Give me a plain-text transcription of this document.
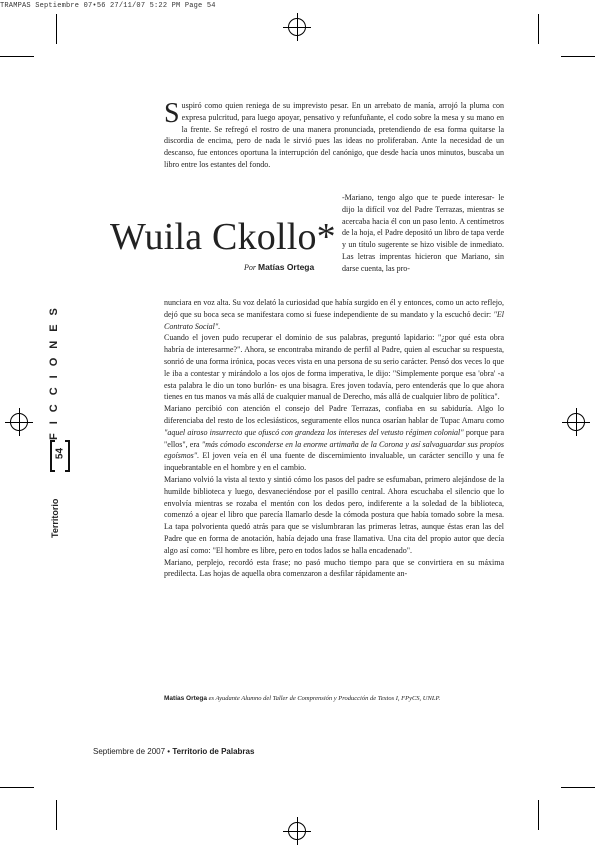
TRAMPAS Septiembre 07•56 27/11/07 5:22 PM Page 54
FICCIONES
54
Territorio
Suspiró como quien reniega de su imprevisto pesar. En un arrebato de manía, arrojó la pluma con expresa pulcritud, para luego apoyar, pensativo y refunfuñante, el codo sobre la mesa y su mano en la frente. Se refregó el rostro de una manera pronunciada, pretendiendo de esa forma quitarse la discordia de encima, pero de nada le sirvió pues las ideas no proliferaban. Ante la necesidad de un descanso, fue entonces oportuna la interrupción del canónigo, que desde hacía unos minutos, buscaba un libro entre los estantes del fondo.
Wuila Ckollo*
Por Matías Ortega

-Mariano, tengo algo que te puede interesar- le dijo la difícil voz del Padre Terrazas, mientras se acercaba hacia él con un paso lento. A centímetros de la hoja, el Padre depositó un libro de tapa verde y un título sugerente se hizo visible de inmediato. Las letras imprentas hicieron que Mariano, sin darse cuenta, las pro-

nunciara en voz alta. Su voz delató la curiosidad que había surgido en él y entonces, como un acto reflejo, dejó que su boca seca se manifestara como si fuese independiente de su mandato y la escuchó decir: "El Contrato Social".

Cuando el joven pudo recuperar el dominio de sus palabras, preguntó lapidario: "¿por qué esta obra habría de interesarme?". Ahora, se encontraba mirando de perfil al Padre, quien al escuchar su respuesta, sonrió de una forma irónica, pocas veces vista en una persona de su serio carácter. Pensó dos veces lo que le iba a contestar y mirándolo a los ojos de forma imperativa, le dijo: "Simplemente porque esa 'obra' -a esta palabra le dio un tono burlón- es una bisagra. Eres joven todavía, pero entenderás que lo que ahora tienes en tus manos va más allá de cualquier manual de Derecho, más allá de cualquier libro de política".

Mariano percibió con atención el consejo del Padre Terrazas, confiaba en su sabiduría. Algo lo diferenciaba del resto de los eclesiásticos, seguramente ellos nunca osarían hablar de Tupac Amaru como "aquel airoso insurrecto que ofuscó con grandeza los intereses del vetusto régimen colonial" porque para "ellos", era "más cómodo esconderse en la enorme artimaña de la Corona y así salvaguardar sus propios egoísmos". El joven veía en él una fuente de discernimiento invaluable, un carácter sencillo y una fe inquebrantable en el hombre y en el cambio.

Mariano volvió la vista al texto y sintió cómo los pasos del padre se esfumaban, primero alejándose de la humilde biblioteca y luego, desvaneciéndose por el pasillo central. Ahora escuchaba el silencio que lo envolvía mientras se rozaba el mentón con los dedos pero, indiferente a la soledad de la biblioteca, comenzó a ojear el libro que parecía llamarlo desde la cómoda postura que había tomado sobre la mesa. La tapa polvorienta quedó atrás para que se vislumbraran las primeras letras, aunque éstas eran las del Padre que en forma de anotación, había dejado una frase llamativa. Una cita del propio autor que decía algo así como: "El hombre es libre, pero en todos lados se halla encadenado".

Mariano, perplejo, recordó esta frase; no pasó mucho tiempo para que se convirtiera en su máxima predilecta. Las hojas de aquella obra comenzaron a desfilar rápidamente an-

Matías Ortega es Ayudante Alumno del Taller de Comprensión y Producción de Textos I, FPyCS, UNLP.
Septiembre de 2007 • Territorio de Palabras
